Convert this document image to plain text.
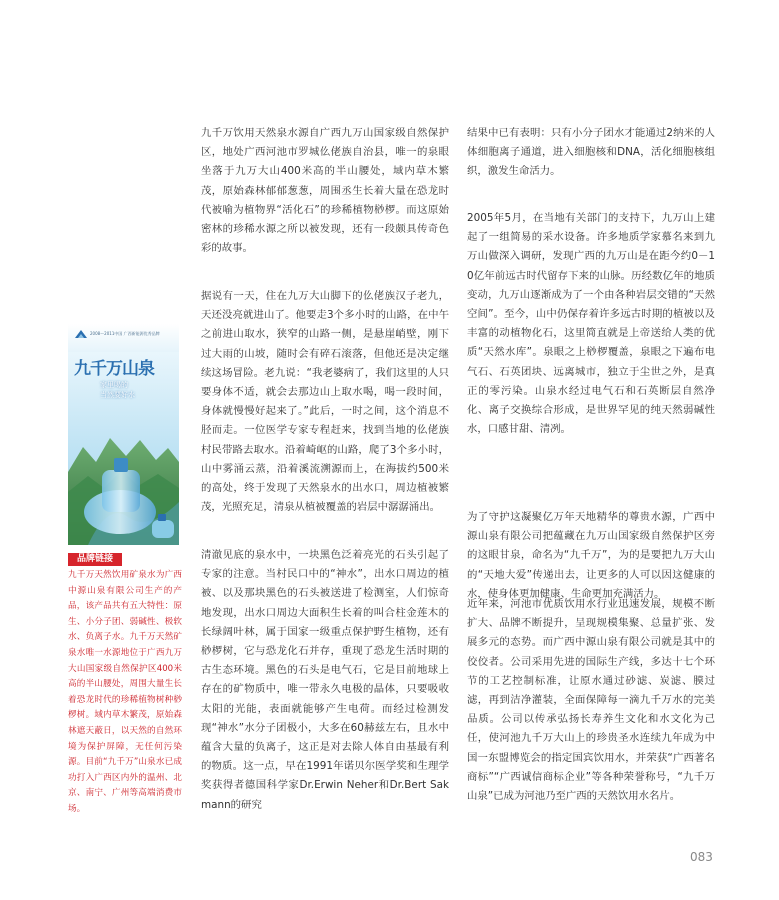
2008～2011中国 广西新能源优秀品牌
九千万山泉
家里喝的
当然要好水
品牌链接
九千万天然饮用矿泉水为广西中源山泉有限公司生产的产品，该产品共有五大特性：原生、小分子团、弱碱性、极软水、负离子水。九千万天然矿泉水唯一水源地位于广西九万大山国家级自然保护区400米高的半山腰处，周围大量生长着恐龙时代的珍稀植物树种桫椤树。域内草木繁茂，原始森林遮天蔽日，以天然的自然环境为保护屏障，无任何污染源。目前“九千万”山泉水已成功打入广西区内外的温州、北京、南宁、广州等高端消费市场。

九千万饮用天然泉水源自广西九万山国家级自然保护区，地处广西河池市罗城仫佬族自治县，唯一的泉眼坐落于九万大山400米高的半山腰处，域内草木繁茂，原始森林郁郁葱葱，周围丞生长着大量在恐龙时代被喻为植物界“活化石”的珍稀植物桫椤。而这原始密林的珍稀水源之所以被发现，还有一段颇具传奇色彩的故事。

据说有一天，住在九万大山脚下的仫佬族汉子老九，天还没亮就进山了。他要走3个多小时的山路，在中午之前进山取水，狭窄的山路一侧，是悬崖峭壁，刚下过大雨的山坡，随时会有碎石滚落，但他还是决定继续这场冒险。老九说：“我老婆病了，我们这里的人只要身体不适，就会去那边山上取水喝，喝一段时间，身体就慢慢好起来了。”此后，一时之间，这个消息不胫而走。一位医学专家专程赶来，找到当地的仫佬族村民带路去取水。沿着崎岖的山路，爬了3个多小时，山中雾涌云蒸，沿着溪流溯源而上，在海拔约500米的高处，终于发现了天然泉水的出水口，周边植被繁茂，光照充足，清泉从植被覆盖的岩层中潺潺涌出。

清澈见底的泉水中，一块黑色泛着亮光的石头引起了专家的注意。当村民口中的“神水”，出水口周边的植被、以及那块黑色的石头被送进了检测室，人们惊奇地发现，出水口周边大面积生长着的叫合柱金莲木的长绿阔叶林，属于国家一级重点保护野生植物，还有桫椤树，它与恐龙化石并存，重现了恐龙生活时期的古生态环境。黑色的石头是电气石，它是目前地球上存在的矿物质中，唯一带永久电极的晶体，只要吸收太阳的光能，表面就能够产生电荷。而经过检测发现“神水”水分子团极小，大多在60赫兹左右，且水中蕴含大量的负离子，这正是对去除人体自由基最有利的物质。这一点，早在1991年诺贝尔医学奖和生理学奖获得者德国科学家Dr.Erwin Neher和Dr.Bert Sakmann的研究

结果中已有表明：只有小分子团水才能通过2纳米的人体细胞离子通道，进入细胞核和DNA，活化细胞核组织，激发生命活力。

2005年5月，在当地有关部门的支持下，九万山上建起了一组简易的采水设备。许多地质学家慕名来到九万山做深入调研，发现广西的九万山是在距今约0－10亿年前远古时代留存下来的山脉。历经数亿年的地质变动，九万山逐渐成为了一个由各种岩层交错的“天然空间”。至今，山中仍保存着许多远古时期的植被以及丰富的动植物化石，这里简直就是上帝送给人类的优质“天然水库”。泉眼之上桫椤覆盖，泉眼之下遍布电气石、石英团块、远离城市，独立于尘世之外，是真正的零污染。山泉水经过电气石和石英断层自然净化、离子交换综合形成，是世界罕见的纯天然弱碱性水，口感甘甜、清冽。

为了守护这凝聚亿万年天地精华的尊贵水源，广西中源山泉有限公司把蕴藏在九万山国家级自然保护区旁的这眼甘泉，命名为“九千万”，为的是要把九万大山的“天地大爱”传递出去，让更多的人可以因这健康的水，使身体更加健康、生命更加充满活力。

近年来，河池市优质饮用水行业迅速发展，规模不断扩大、品牌不断提升，呈现规模集聚、总量扩张、发展多元的态势。而广西中源山泉有限公司就是其中的佼佼者。公司采用先进的国际生产线，多达十七个环节的工艺控制标准，让原水通过砂滤、炭滤、膜过滤，再到洁净灌装，全面保障每一滴九千万水的完美品质。公司以传承弘扬长寿养生文化和水文化为己任，使河池九千万大山上的珍贵圣水连续九年成为中国一东盟博览会的指定国宾饮用水，并荣获“广西著名商标”“广西诚信商标企业”等各种荣誉称号，“九千万山泉”已成为河池乃至广西的天然饮用水名片。

083
